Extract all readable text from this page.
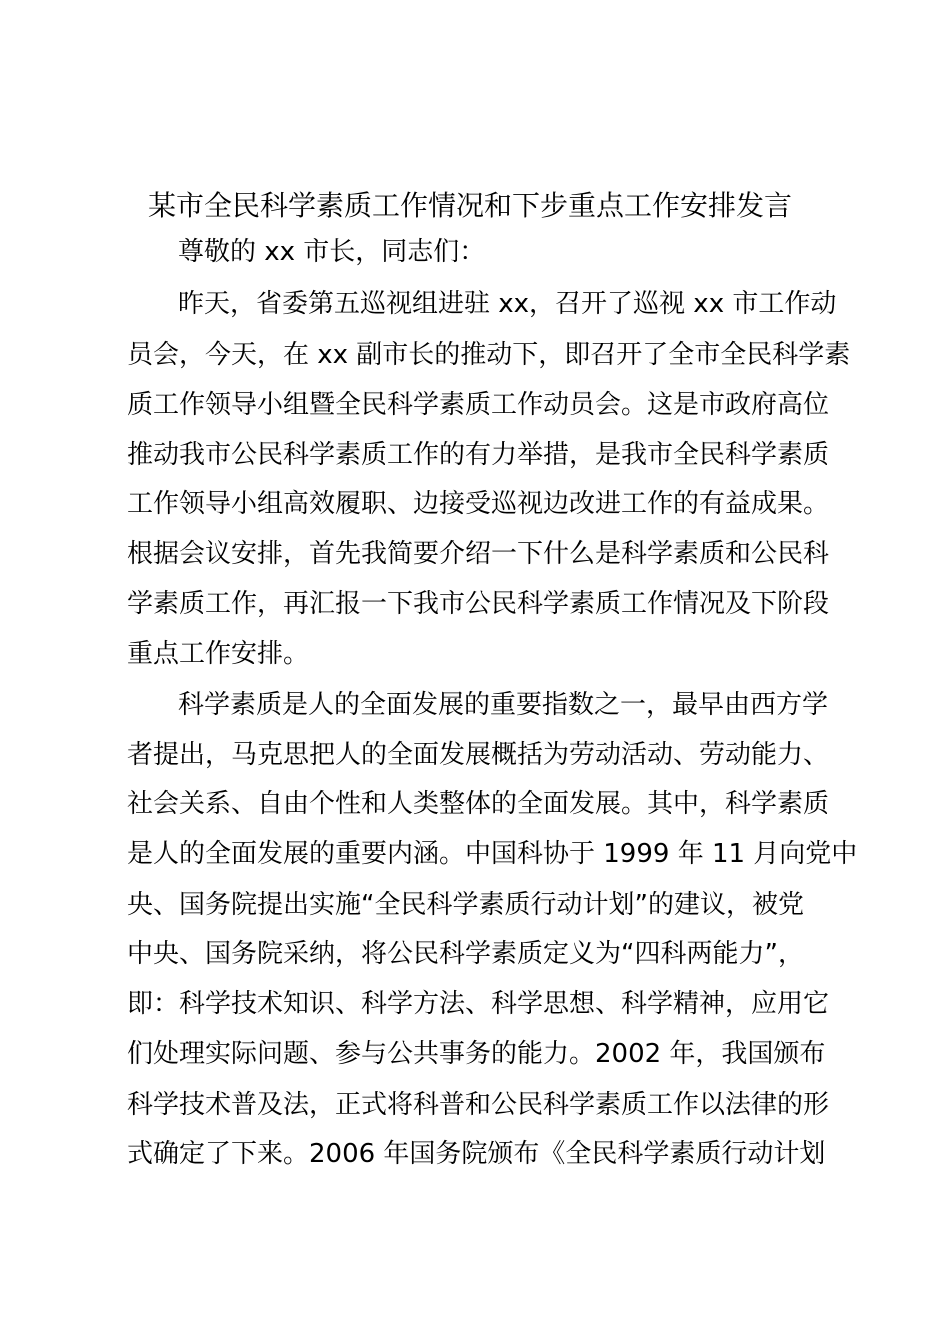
某市全民科学素质工作情况和下步重点工作安排发言
尊敬的 xx 市长，同志们：
昨天，省委第五巡视组进驻 xx，召开了巡视 xx 市工作动
员会，今天，在 xx 副市长的推动下，即召开了全市全民科学素
质工作领导小组暨全民科学素质工作动员会。这是市政府高位
推动我市公民科学素质工作的有力举措，是我市全民科学素质
工作领导小组高效履职、边接受巡视边改进工作的有益成果。
根据会议安排，首先我简要介绍一下什么是科学素质和公民科
学素质工作，再汇报一下我市公民科学素质工作情况及下阶段
重点工作安排。
科学素质是人的全面发展的重要指数之一，最早由西方学
者提出，马克思把人的全面发展概括为劳动活动、劳动能力、
社会关系、自由个性和人类整体的全面发展。其中，科学素质
是人的全面发展的重要内涵。中国科协于 1999 年 11 月向党中
央、国务院提出实施“全民科学素质行动计划”的建议，被党
中央、国务院采纳，将公民科学素质定义为“四科两能力”，
即：科学技术知识、科学方法、科学思想、科学精神，应用它
们处理实际问题、参与公共事务的能力。2002 年，我国颁布
科学技术普及法，正式将科普和公民科学素质工作以法律的形
式确定了下来。2006 年国务院颁布《全民科学素质行动计划
